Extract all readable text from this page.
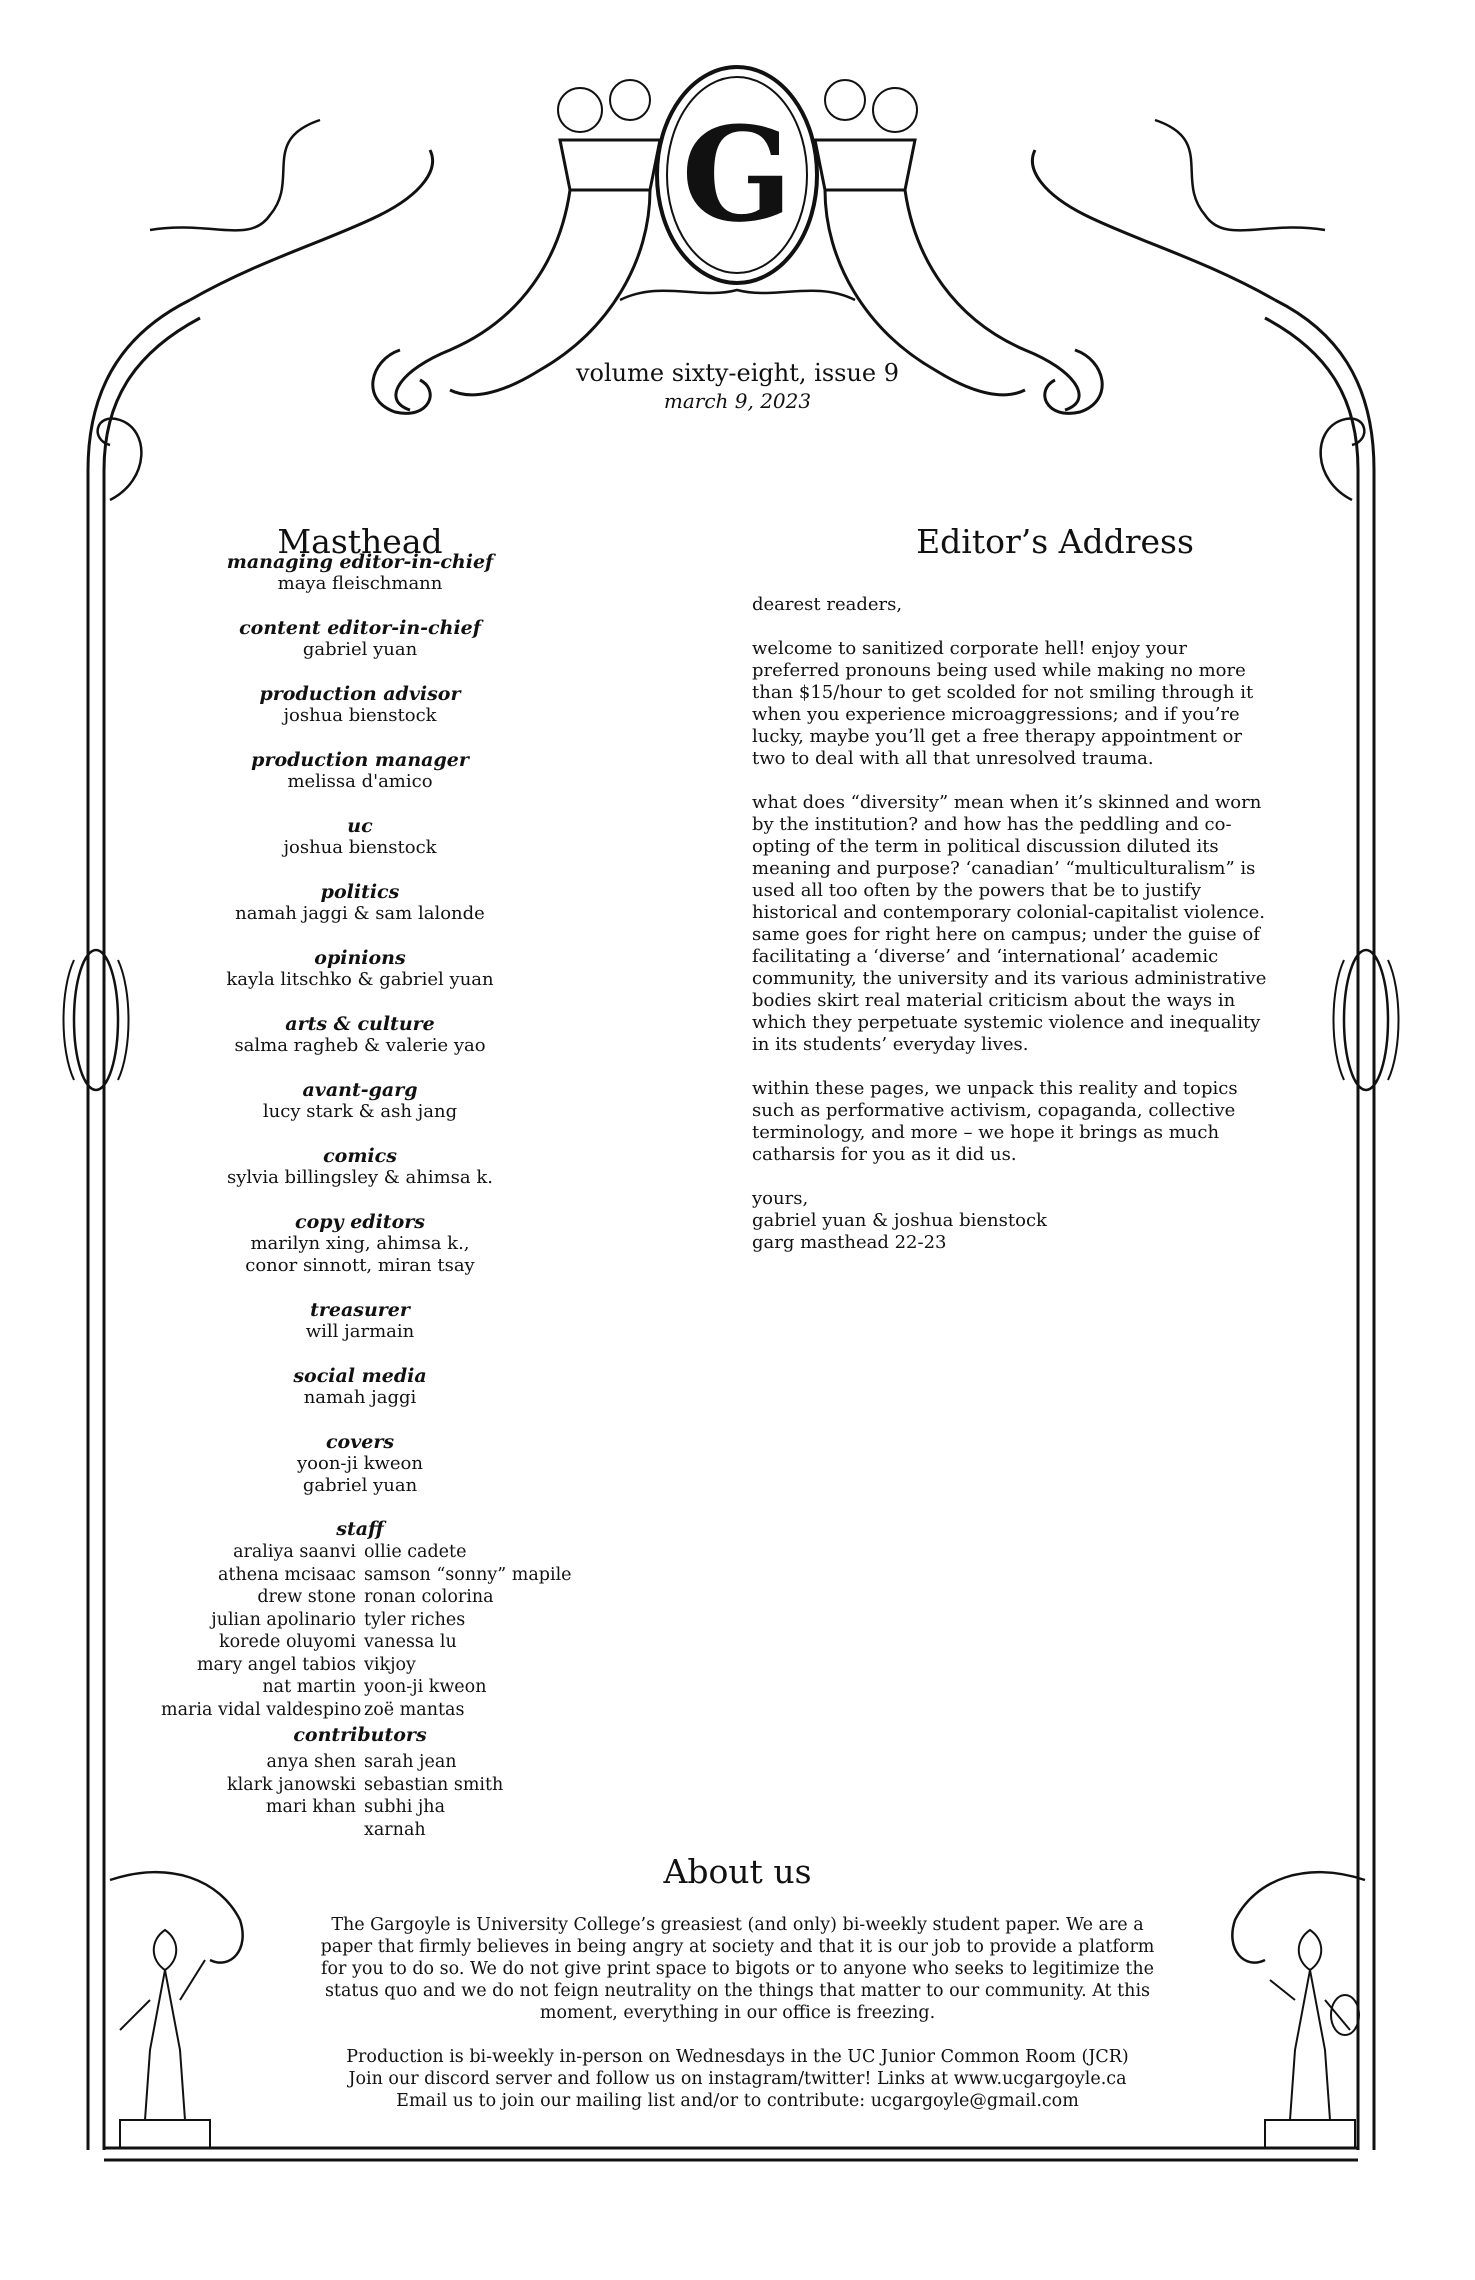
G
volume sixty-eight, issue 9
march 9, 2023
Masthead	Editor’s Address
managing editor-in-chief
maya fleischmann
content editor-in-chief
gabriel yuan
production advisor
joshua bienstock
production manager
melissa d'amico
uc
joshua bienstock
politics
namah jaggi & sam lalonde
opinions
kayla litschko & gabriel yuan
arts & culture
salma ragheb & valerie yao
avant-garg
lucy stark & ash jang
comics
sylvia billingsley & ahimsa k.
copy editors
marilyn xing, ahimsa k.,
conor sinnott, miran tsay
treasurer
will jarmain
social media
namah jaggi
covers
yoon-ji kweon
gabriel yuan
staff
araliya saanvi
athena mcisaac
drew stone
julian apolinario
korede oluyomi
mary angel tabios
nat martin
maria vidal valdespino
ollie cadete
samson “sonny” mapile
ronan colorina
tyler riches
vanessa lu
vikjoy
yoon-ji kweon
zoë mantas
contributors
anya shen
klark janowski
mari khan
sarah jean
sebastian smith
subhi jha
xarnah

dearest readers,

welcome to sanitized corporate hell! enjoy your preferred pronouns being used while making no more than $15/hour to get scolded for not smiling through it when you experience microaggressions; and if you’re lucky, maybe you’ll get a free therapy appointment or two to deal with all that unresolved trauma.

what does “diversity” mean when it’s skinned and worn by the institution? and how has the peddling and co-opting of the term in political discussion diluted its meaning and purpose? ‘canadian’ “multiculturalism” is used all too often by the powers that be to justify historical and contemporary colonial-capitalist violence. same goes for right here on campus; under the guise of facilitating a ‘diverse’ and ‘international’ academic community, the university and its various administrative bodies skirt real material criticism about the ways in which they perpetuate systemic violence and inequality in its students’ everyday lives.

within these pages, we unpack this reality and topics such as performative activism, copaganda, collective terminology, and more – we hope it brings as much catharsis for you as it did us.

yours,
gabriel yuan & joshua bienstock
garg masthead 22-23
About us

The Gargoyle is University College’s greasiest (and only) bi-weekly student paper. We are a paper that firmly believes in being angry at society and that it is our job to provide a platform for you to do so. We do not give print space to bigots or to anyone who seeks to legitimize the status quo and we do not feign neutrality on the things that matter to our community. At this moment, everything in our office is freezing.

Production is bi-weekly in-person on Wednesdays in the UC Junior Common Room (JCR)
Join our discord server and follow us on instagram/twitter! Links at www.ucgargoyle.ca
Email us to join our mailing list and/or to contribute: ucgargoyle@gmail.com
